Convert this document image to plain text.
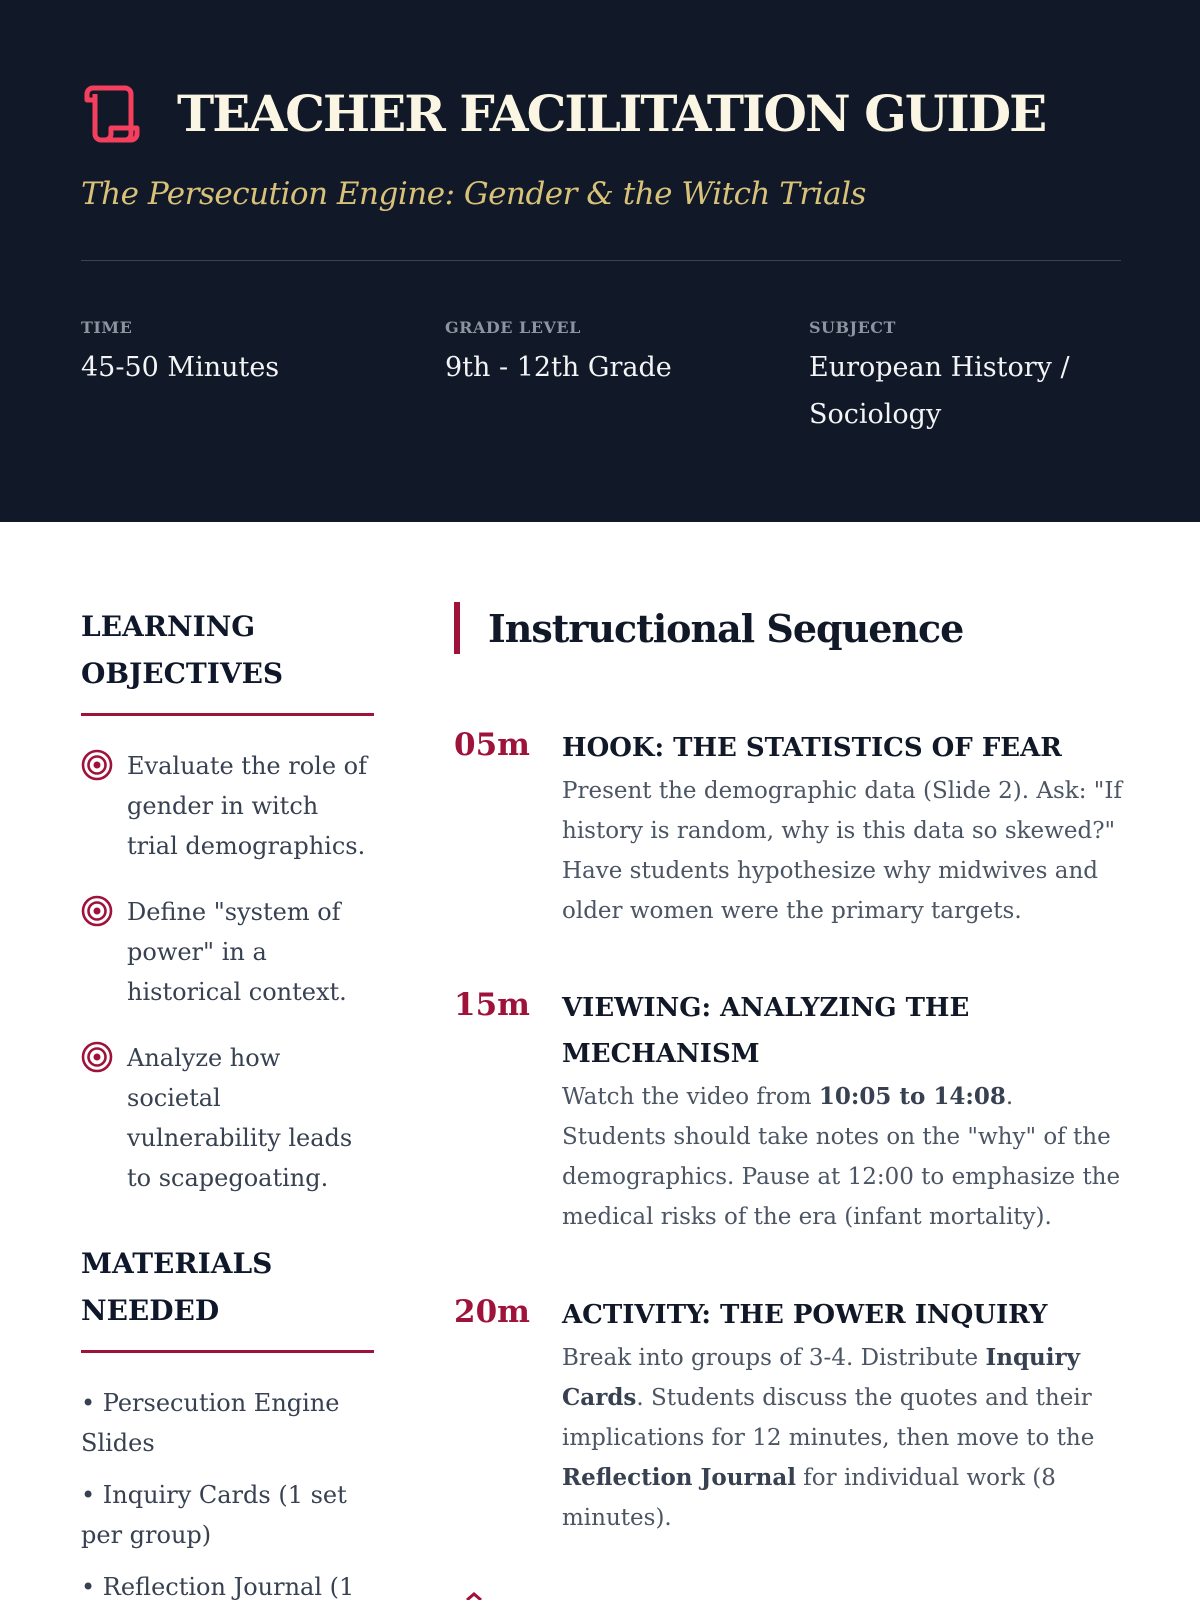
TEACHER FACILITATION GUIDE
The Persecution Engine: Gender & the Witch Trials
TIME
45-50 Minutes
GRADE LEVEL
9th - 12th Grade
SUBJECT
European History / Sociology
LEARNING OBJECTIVES
Evaluate the role of gender in witch trial demographics.
Define "system of power" in a historical context.
Analyze how societal vulnerability leads to scapegoating.
MATERIALS NEEDED
• Persecution Engine Slides
• Inquiry Cards (1 set per group)
• Reflection Journal (1
Instructional Sequence
05m HOOK: THE STATISTICS OF FEAR
Present the demographic data (Slide 2). Ask: "If history is random, why is this data so skewed?" Have students hypothesize why midwives and older women were the primary targets.
15m VIEWING: ANALYZING THE MECHANISM
Watch the video from 10:05 to 14:08. Students should take notes on the "why" of the demographics. Pause at 12:00 to emphasize the medical risks of the era (infant mortality).
20m ACTIVITY: THE POWER INQUIRY
Break into groups of 3-4. Distribute Inquiry Cards. Students discuss the quotes and their implications for 12 minutes, then move to the Reflection Journal for individual work (8 minutes).
